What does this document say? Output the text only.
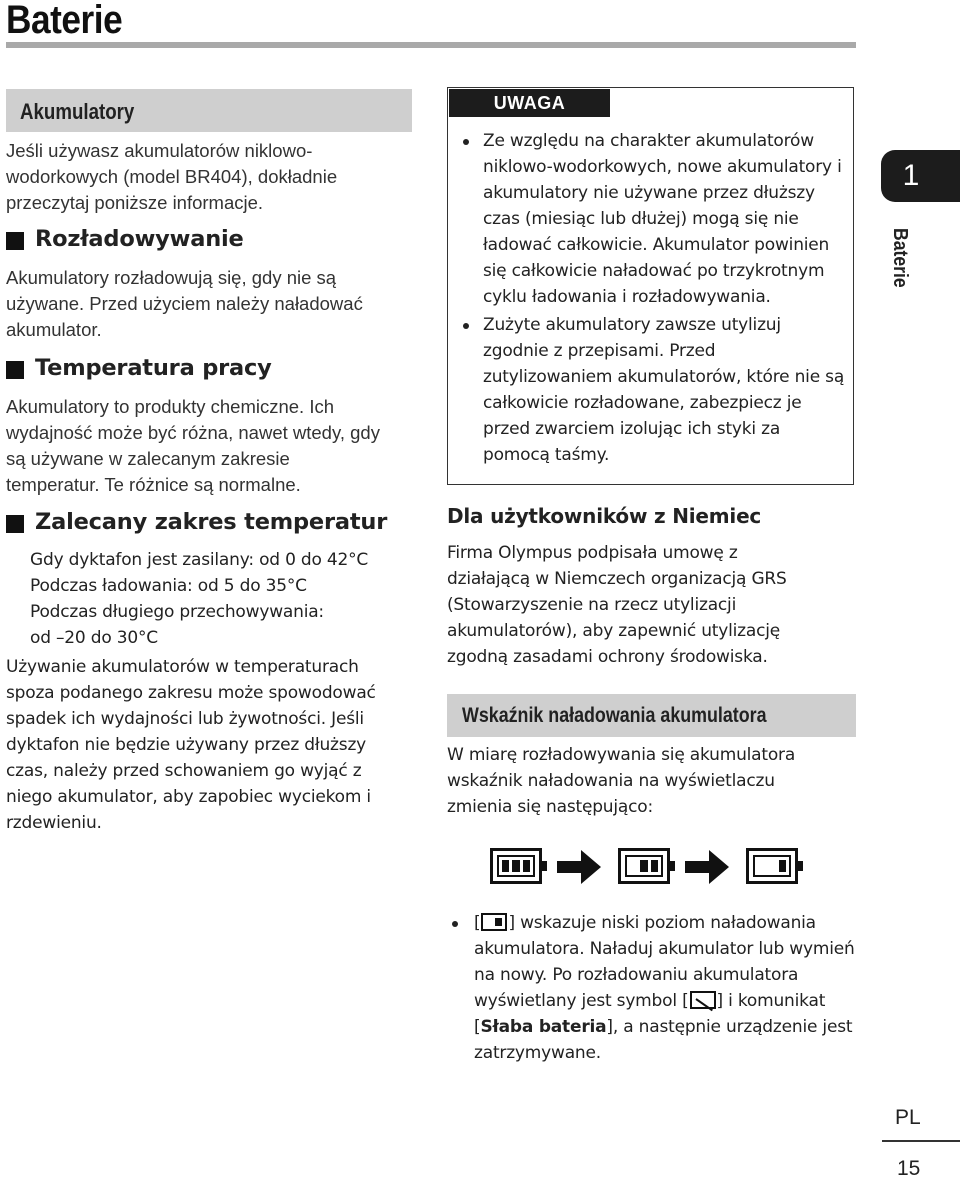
Baterie
Akumulatory
Jeśli używasz akumulatorów niklowo-wodorkowych (model BR404), dokładnie przeczytaj poniższe informacje.
Rozładowywanie
Akumulatory rozładowują się, gdy nie są używane. Przed użyciem należy naładować akumulator.
Temperatura pracy
Akumulatory to produkty chemiczne. Ich wydajność może być różna, nawet wtedy, gdy są używane w zalecanym zakresie temperatur. Te różnice są normalne.
Zalecany zakres temperatur
Gdy dyktafon jest zasilany: od 0 do 42°C
Podczas ładowania: od 5 do 35°C
Podczas długiego przechowywania:
od –20 do 30°C
Używanie akumulatorów w temperaturach spoza podanego zakresu może spowodować spadek ich wydajności lub żywotności. Jeśli dyktafon nie będzie używany przez dłuższy czas, należy przed schowaniem go wyjąć z niego akumulator, aby zapobiec wyciekom i rzdewieniu.
UWAGA
Ze względu na charakter akumulatorów niklowo-wodorkowych, nowe akumulatory i akumulatory nie używane przez dłuższy czas (miesiąc lub dłużej) mogą się nie ładować całkowicie. Akumulator powinien się całkowicie naładować po trzykrotnym cyklu ładowania i rozładowywania.
Zużyte akumulatory zawsze utylizuj zgodnie z przepisami. Przed zutylizowaniem akumulatorów, które nie są całkowicie rozładowane, zabezpiecz je przed zwarciem izolując ich styki za pomocą taśmy.
Dla użytkowników z Niemiec
Firma Olympus podpisała umowę z działającą w Niemczech organizacją GRS (Stowarzyszenie na rzecz utylizacji akumulatorów), aby zapewnić utylizację zgodną zasadami ochrony środowiska.
Wskaźnik naładowania akumulatora
W miarę rozładowywania się akumulatora wskaźnik naładowania na wyświetlaczu zmienia się następująco:
[ ] wskazuje niski poziom naładowania akumulatora. Naładuj akumulator lub wymień na nowy. Po rozładowaniu akumulatora wyświetlany jest symbol [ ] i komunikat [Słaba bateria], a następnie urządzenie jest zatrzymywane.
1
Baterie
PL
15
